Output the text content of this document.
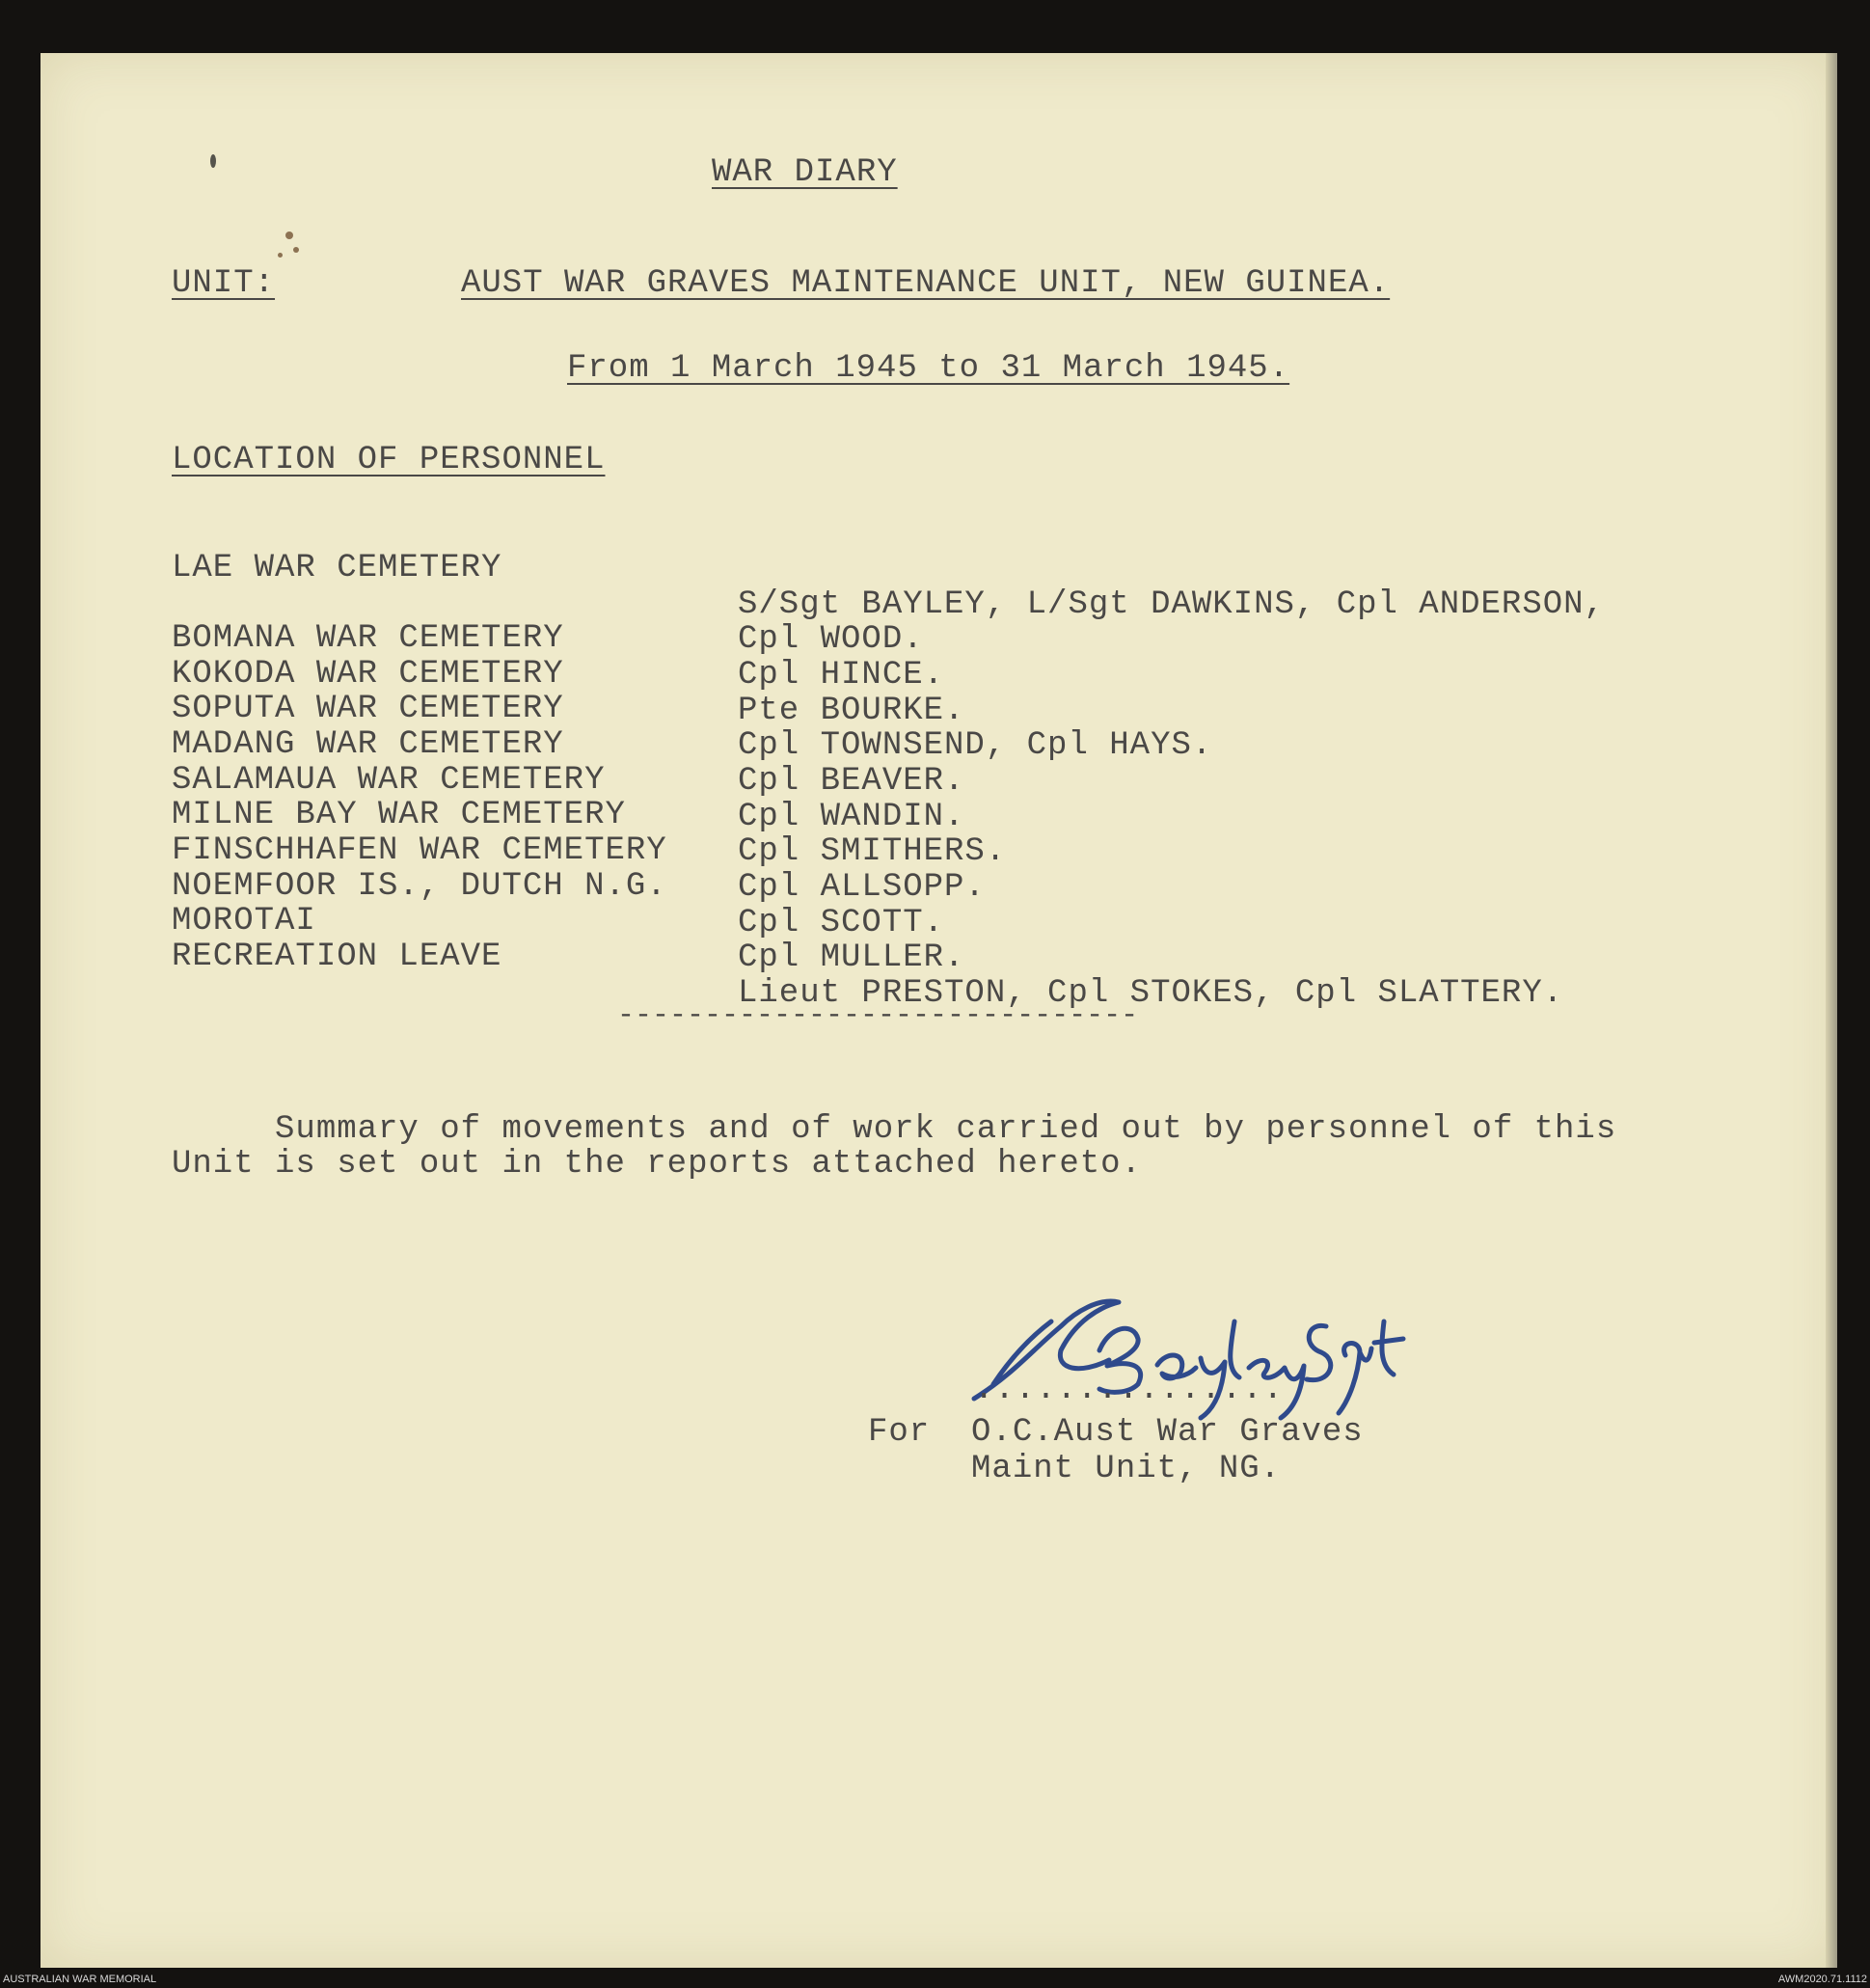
WAR DIARY
UNIT:	AUST WAR GRAVES MAINTENANCE UNIT, NEW GUINEA.
From 1 March 1945 to 31 March 1945.
LOCATION OF PERSONNEL

LAE WAR CEMETERY

S/Sgt BAYLEY, L/Sgt DAWKINS, Cpl ANDERSON,

Cpl WOOD.

BOMANA WAR CEMETERY

Cpl HINCE.

KOKODA WAR CEMETERY

Pte BOURKE.

SOPUTA WAR CEMETERY

Cpl TOWNSEND, Cpl HAYS.

MADANG WAR CEMETERY

Cpl BEAVER.

SALAMAUA WAR CEMETERY

Cpl WANDIN.

MILNE BAY WAR CEMETERY

Cpl SMITHERS.

FINSCHHAFEN WAR CEMETERY

Cpl ALLSOPP.

NOEMFOOR IS., DUTCH N.G.

Cpl SCOTT.

MOROTAI

Cpl MULLER.

RECREATION LEAVE

Lieut PRESTON, Cpl STOKES, Cpl SLATTERY.

------------------------------
Summary of movements and of work carried out by personnel of this
Unit is set out in the reports attached hereto.
...............
For  O.C.Aust War Graves
Maint Unit, NG.
AUSTRALIAN WAR MEMORIAL	AWM2020.71.1112
